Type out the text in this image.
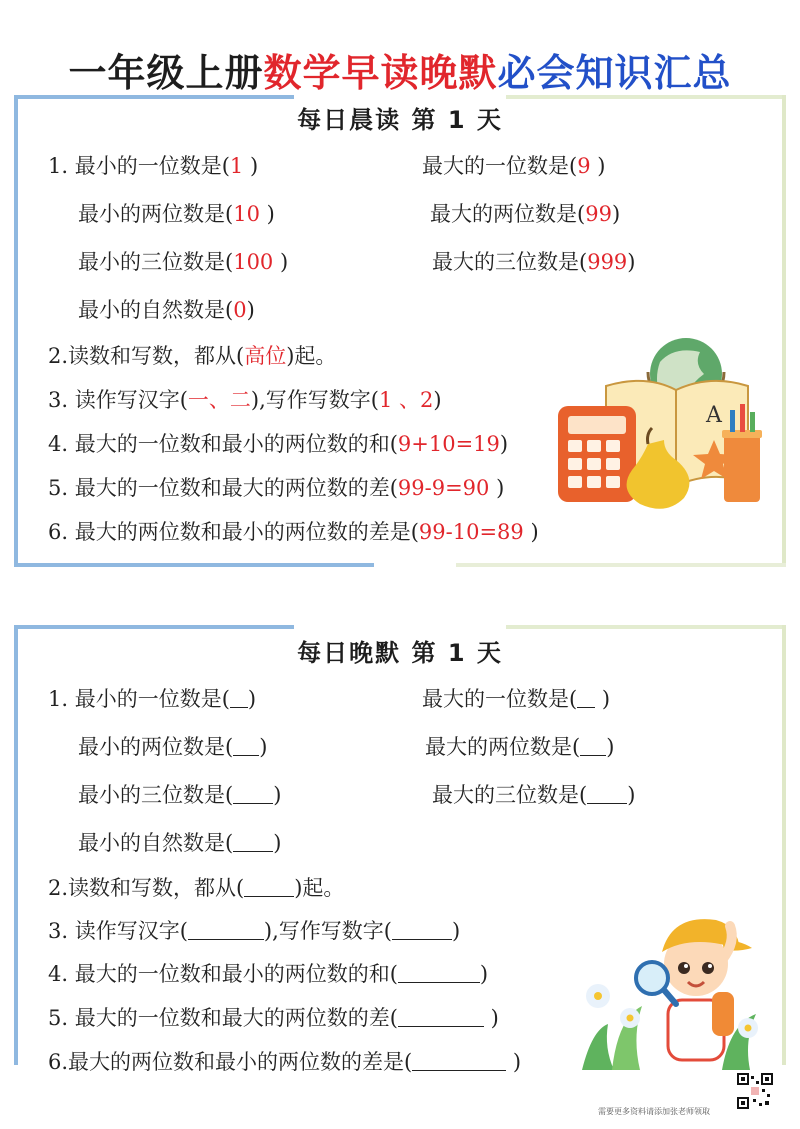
一年级上册数学早读晚默必会知识汇总
每日晨读 第 1 天
1. 最小的一位数是(1 )	最大的一位数是(9 )
最小的两位数是(10 )	最大的两位数是(99)
最小的三位数是(100 )	最大的三位数是(999)
最小的自然数是(0)
2.读数和写数，都从(高位)起。
3. 读作写汉字(一、二),写作写数字(1 、2)
4. 最大的一位数和最小的两位数的和(9+10=19)
5. 最大的一位数和最大的两位数的差(99-9=90 )
6. 最大的两位数和最小的两位数的差是(99-10=89 )
A
每日晚默 第 1 天
1. 最小的一位数是( )	最大的一位数是( )
最小的两位数是( )	最大的两位数是( )
最小的三位数是( )	最大的三位数是( )
最小的自然数是( )
2.读数和写数，都从( )起。
3. 读作写汉字(	),写作写数字(	)
4. 最大的一位数和最小的两位数的和(	)
5. 最大的一位数和最大的两位数的差(	)
6.最大的两位数和最小的两位数的差是(	)
需要更多资料请添加张老师领取
